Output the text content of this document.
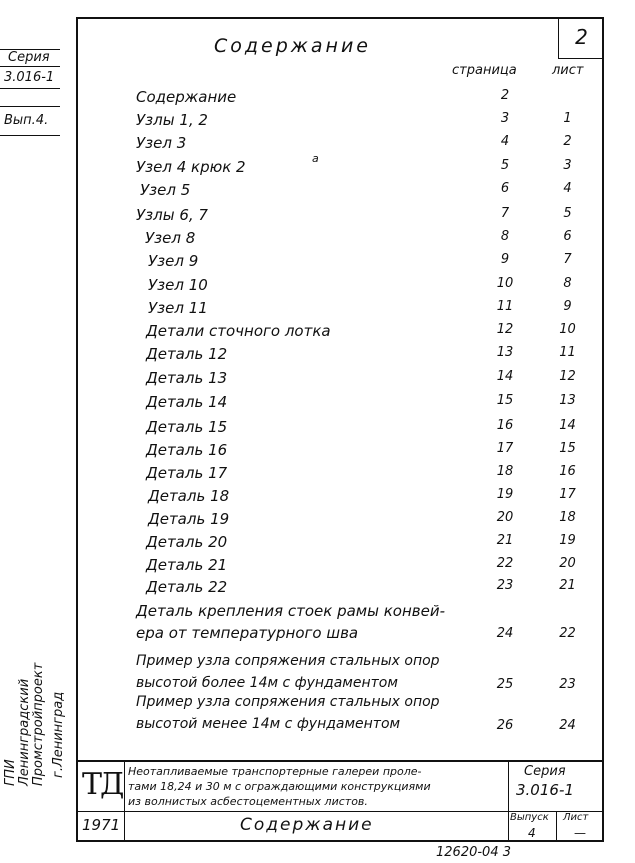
Серия
3.016-1
Вып.4.
ГПИ Ленинградский Промстройпроект г.Ленинград
2
Содержание
страница	лист
Содержание	2
Узлы 1, 2	3	1
Узел 3	4	2
Узел 4 крюк 2	а	5	3
Узел 5	6	4
Узлы 6, 7	7	5
Узел 8	8	6
Узел 9	9	7
Узел 10	10	8
Узел 11	11	9
Детали сточного лотка	12	10
Деталь 12	13	11
Деталь 13	14	12
Деталь 14	15	13
Деталь 15	16	14
Деталь 16	17	15
Деталь 17	18	16
Деталь 18	19	17
Деталь 19	20	18
Деталь 20	21	19
Деталь 21	22	20
Деталь 22	23	21
Деталь крепления стоек рамы конвей-
ера от температурного шва	24	22
Пример узла сопряжения стальных опор
высотой более 14м с фундаментом	25	23
Пример узла сопряжения стальных опор
высотой менее 14м с фундаментом	26	24
ТД Неотапливаемые транспортерные галереи проле-
тами 18,24 и 30 м с ограждающими конструкциями
из волнистых асбестоцементных листов.
Серия
3.016-1
1971	Содержание	Выпуск
4
Лист
—
12620-04 3
